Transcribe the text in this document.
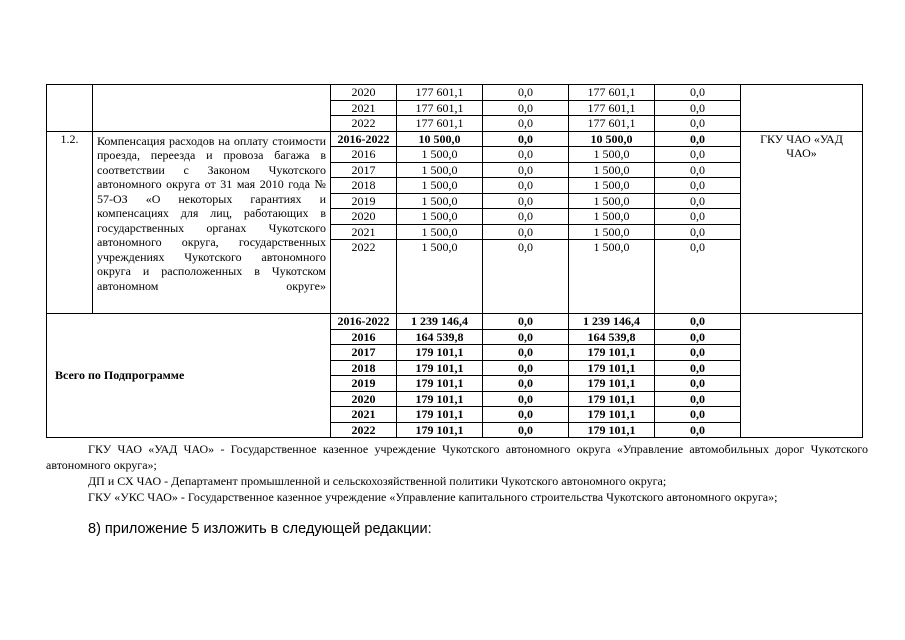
		2020	177 601,1	0,0	177 601,1	0,0	
		2021	177 601,1	0,0	177 601,1	0,0	
		2022	177 601,1	0,0	177 601,1	0,0	
1.2.	Компенсация расходов на оплату стоимости проезда, переезда и провоза багажа в соответствии с Законом Чукотского автономного округа от 31 мая 2010 года № 57-ОЗ «О некоторых гарантиях и компенсациях для лиц, работающих в государственных органах Чукотского автономного округа, государственных учреждениях Чукотского автономного округа и расположенных в Чукотском автономном округе»	2016-2022	10 500,0	0,0	10 500,0	0,0	ГКУ ЧАО «УАД ЧАО»
		2016	1 500,0	0,0	1 500,0	0,0	
		2017	1 500,0	0,0	1 500,0	0,0	
		2018	1 500,0	0,0	1 500,0	0,0	
		2019	1 500,0	0,0	1 500,0	0,0	
		2020	1 500,0	0,0	1 500,0	0,0	
		2021	1 500,0	0,0	1 500,0	0,0	
		2022	1 500,0	0,0	1 500,0	0,0	
Всего по Подпрограмме		2016-2022	1 239 146,4	0,0	1 239 146,4	0,0	
		2016	164 539,8	0,0	164 539,8	0,0	
		2017	179 101,1	0,0	179 101,1	0,0	
		2018	179 101,1	0,0	179 101,1	0,0	
		2019	179 101,1	0,0	179 101,1	0,0	
		2020	179 101,1	0,0	179 101,1	0,0	
		2021	179 101,1	0,0	179 101,1	0,0	
		2022	179 101,1	0,0	179 101,1	0,0	

ГКУ ЧАО «УАД ЧАО» - Государственное казенное учреждение Чукотского автономного округа «Управление автомобильных дорог Чукотского автономного округа»;

ДП и СХ ЧАО - Департамент промышленной и сельскохозяйственной политики Чукотского автономного округа;

ГКУ «УКС ЧАО» - Государственное казенное учреждение «Управление капитального строительства Чукотского автономного округа»;

8) приложение 5 изложить в следующей редакции:
